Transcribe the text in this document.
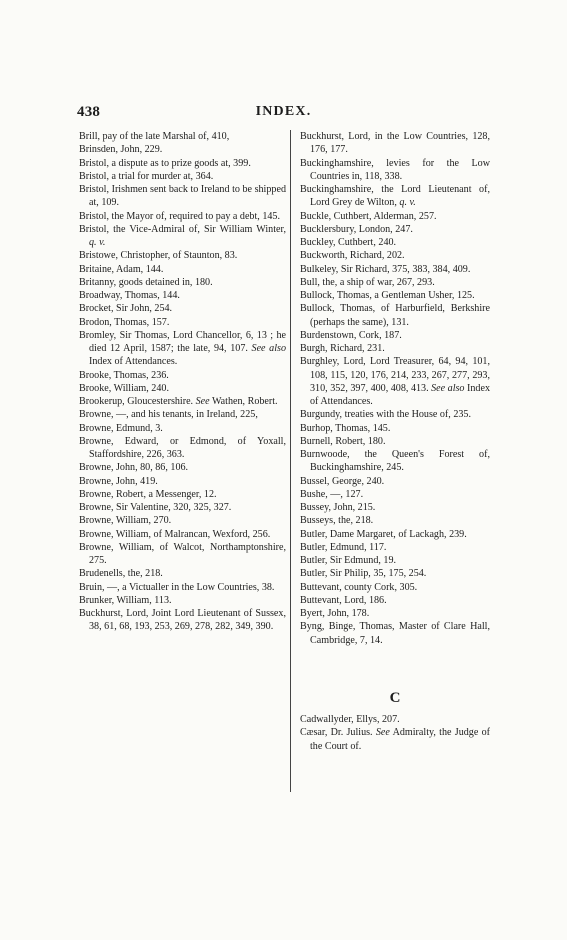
438	INDEX.
Brill, pay of the late Marshal of, 410,
Brinsden, John, 229.
Bristol, a dispute as to prize goods at, 399.
Bristol, a trial for murder at, 364.
Bristol, Irishmen sent back to Ireland to be shipped at, 109.
Bristol, the Mayor of, required to pay a debt, 145.
Bristol, the Vice-Admiral of, Sir William Winter, q. v.
Bristowe, Christopher, of Staunton, 83.
Britaine, Adam, 144.
Britanny, goods detained in, 180.
Broadway, Thomas, 144.
Brocket, Sir John, 254.
Brodon, Thomas, 157.
Bromley, Sir Thomas, Lord Chancellor, 6, 13 ; he died 12 April, 1587; the late, 94, 107. See also Index of Attendances.
Brooke, Thomas, 236.
Brooke, William, 240.
Brookerup, Gloucestershire. See Wathen, Robert.
Browne, —, and his tenants, in Ireland, 225,
Browne, Edmund, 3.
Browne, Edward, or Edmond, of Yoxall, Staffordshire, 226, 363.
Browne, John, 80, 86, 106.
Browne, John, 419.
Browne, Robert, a Messenger, 12.
Browne, Sir Valentine, 320, 325, 327.
Browne, William, 270.
Browne, William, of Malrancan, Wexford, 256.
Browne, William, of Walcot, Northamptonshire, 275.
Brudenells, the, 218.
Bruin, —, a Victualler in the Low Countries, 38.
Brunker, William, 113.
Buckhurst, Lord, Joint Lord Lieutenant of Sussex, 38, 61, 68, 193, 253, 269, 278, 282, 349, 390.
Buckhurst, Lord, in the Low Countries, 128, 176, 177.
Buckinghamshire, levies for the Low Countries in, 118, 338.
Buckinghamshire, the Lord Lieutenant of, Lord Grey de Wilton, q. v.
Buckle, Cuthbert, Alderman, 257.
Bucklersbury, London, 247.
Buckley, Cuthbert, 240.
Buckworth, Richard, 202.
Bulkeley, Sir Richard, 375, 383, 384, 409.
Bull, the, a ship of war, 267, 293.
Bullock, Thomas, a Gentleman Usher, 125.
Bullock, Thomas, of Harburfield, Berkshire (perhaps the same), 131.
Burdenstown, Cork, 187.
Burgh, Richard, 231.
Burghley, Lord, Lord Treasurer, 64, 94, 101, 108, 115, 120, 176, 214, 233, 267, 277, 293, 310, 352, 397, 400, 408, 413. See also Index of Attendances.
Burgundy, treaties with the House of, 235.
Burhop, Thomas, 145.
Burnell, Robert, 180.
Burnwoode, the Queen's Forest of, Buckinghamshire, 245.
Bussel, George, 240.
Bushe, —, 127.
Bussey, John, 215.
Busseys, the, 218.
Butler, Dame Margaret, of Lackagh, 239.
Butler, Edmund, 117.
Butler, Sir Edmund, 19.
Butler, Sir Philip, 35, 175, 254.
Buttevant, county Cork, 305.
Buttevant, Lord, 186.
Byert, John, 178.
Byng, Binge, Thomas, Master of Clare Hall, Cambridge, 7, 14.
C
Cadwallyder, Ellys, 207.
Cæsar, Dr. Julius. See Admiralty, the Judge of the Court of.
